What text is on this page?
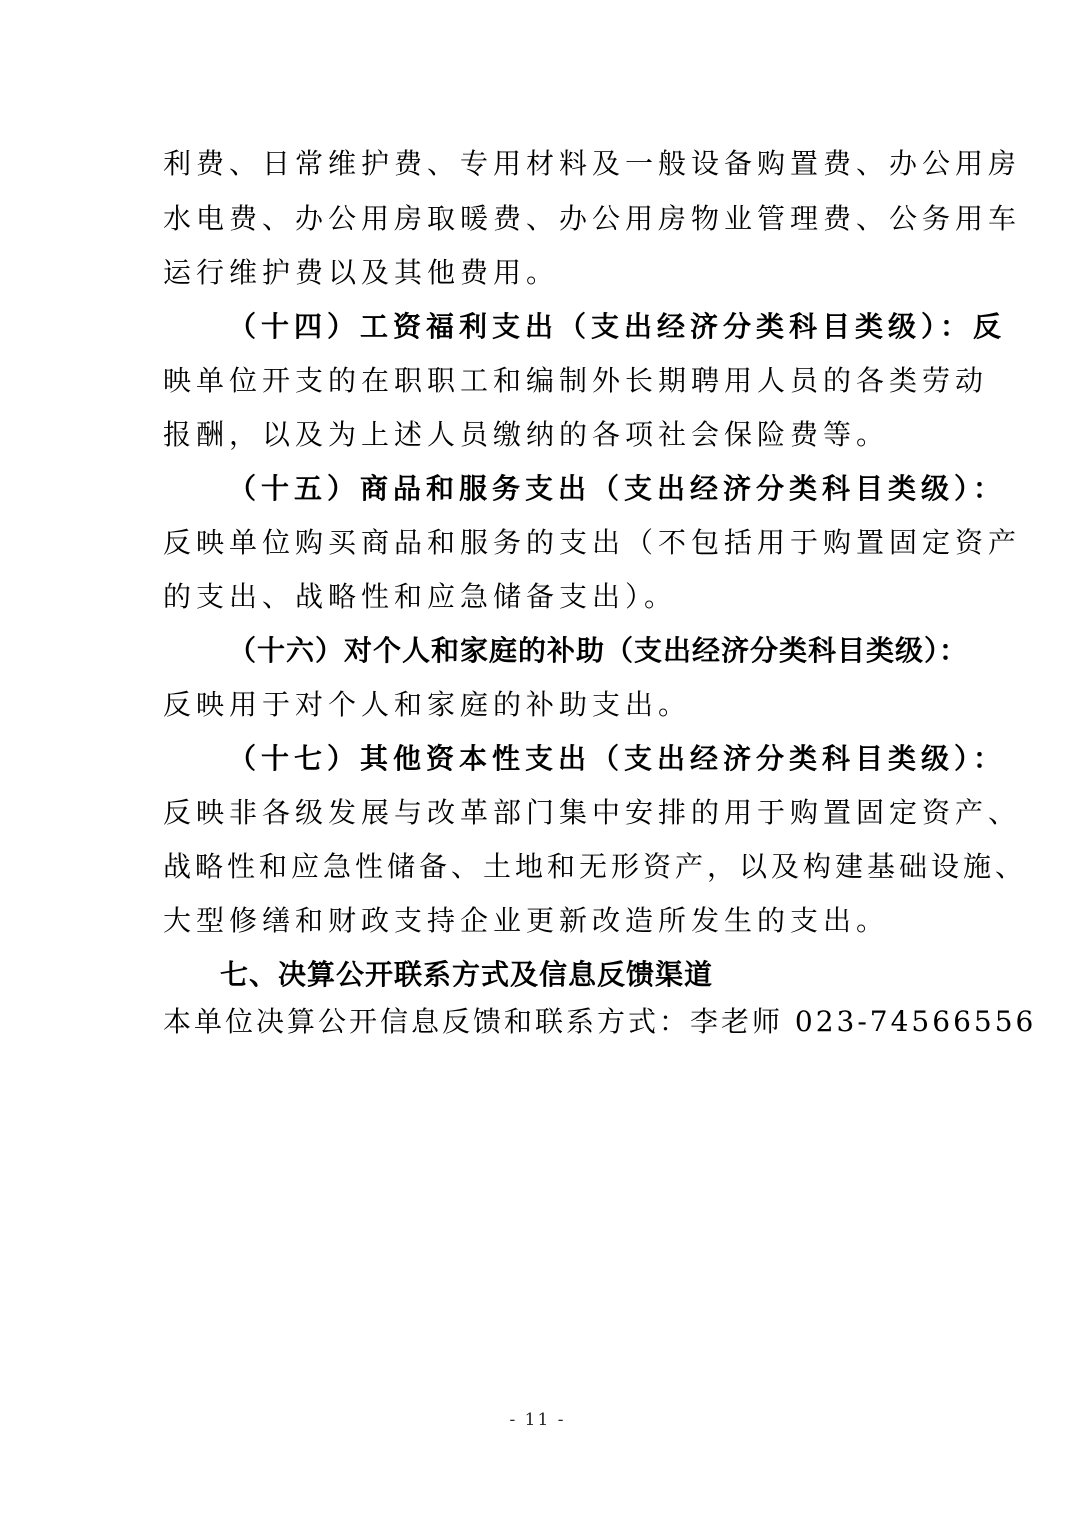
利费、日常维护费、专用材料及一般设备购置费、办公用房
水电费、办公用房取暖费、办公用房物业管理费、公务用车
运行维护费以及其他费用。
（十四）工资福利支出（支出经济分类科目类级）：反
映单位开支的在职职工和编制外长期聘用人员的各类劳动
报酬，以及为上述人员缴纳的各项社会保险费等。
（十五）商品和服务支出（支出经济分类科目类级）：
反映单位购买商品和服务的支出（不包括用于购置固定资产
的支出、战略性和应急储备支出）。
（十六）对个人和家庭的补助（支出经济分类科目类级）：
反映用于对个人和家庭的补助支出。
（十七）其他资本性支出（支出经济分类科目类级）：
反映非各级发展与改革部门集中安排的用于购置固定资产、
战略性和应急性储备、土地和无形资产，以及构建基础设施、
大型修缮和财政支持企业更新改造所发生的支出。
七、决算公开联系方式及信息反馈渠道
本单位决算公开信息反馈和联系方式：李老师 023-74566556
- 11 -
